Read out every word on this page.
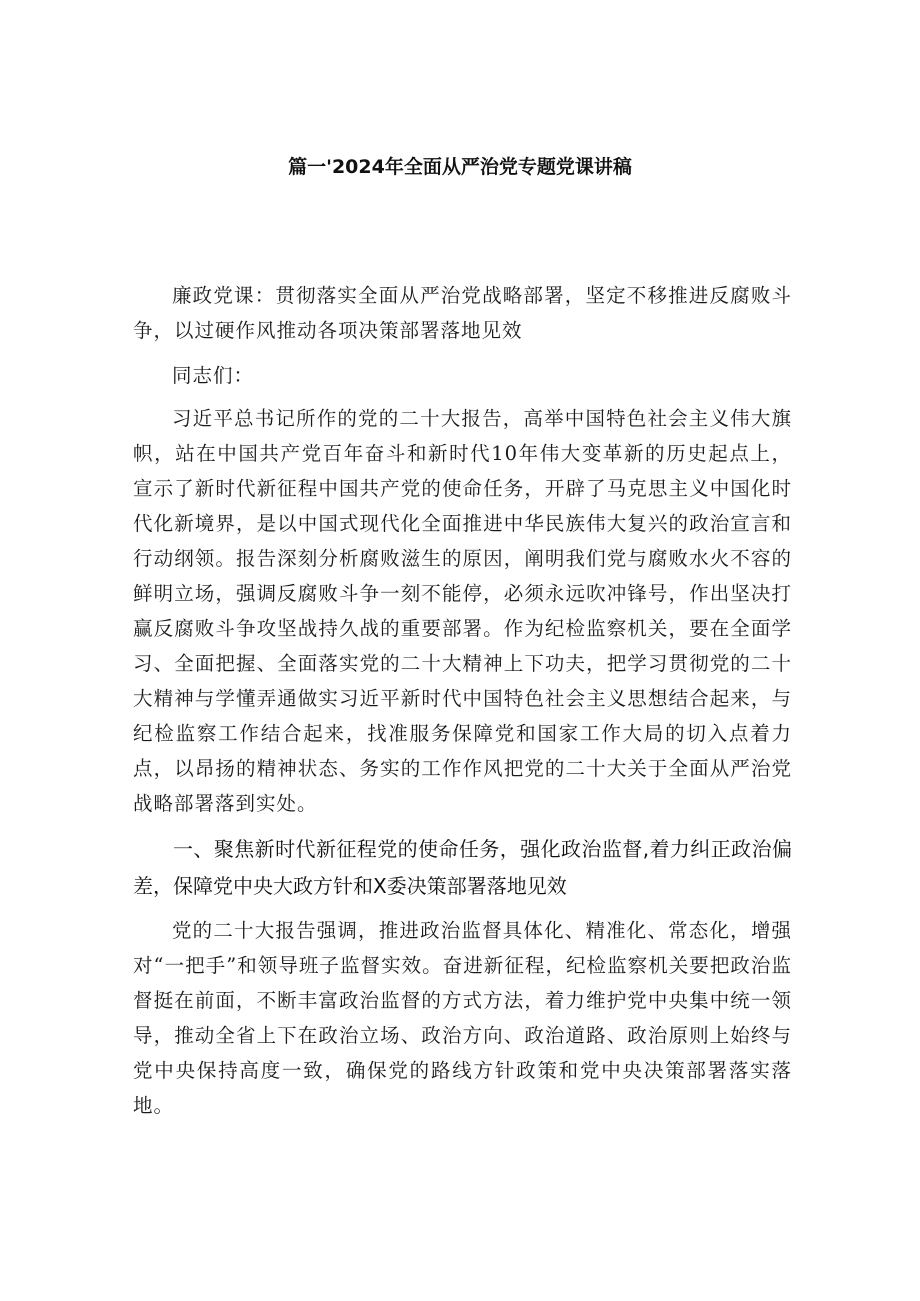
篇一'2024年全面从严治党专题党课讲稿

廉政党课：贯彻落实全面从严治党战略部署，坚定不移推进反腐败斗争，以过硬作风推动各项决策部署落地见效

同志们：

习近平总书记所作的党的二十大报告，高举中国特色社会主义伟大旗帜，站在中国共产党百年奋斗和新时代10年伟大变革新的历史起点上，宣示了新时代新征程中国共产党的使命任务，开辟了马克思主义中国化时代化新境界，是以中国式现代化全面推进中华民族伟大复兴的政治宣言和行动纲领。报告深刻分析腐败滋生的原因，阐明我们党与腐败水火不容的鲜明立场，强调反腐败斗争一刻不能停，必须永远吹冲锋号，作出坚决打赢反腐败斗争攻坚战持久战的重要部署。作为纪检监察机关，要在全面学习、全面把握、全面落实党的二十大精神上下功夫，把学习贯彻党的二十大精神与学懂弄通做实习近平新时代中国特色社会主义思想结合起来，与纪检监察工作结合起来，找准服务保障党和国家工作大局的切入点着力点，以昂扬的精神状态、务实的工作作风把党的二十大关于全面从严治党战略部署落到实处。

一、聚焦新时代新征程党的使命任务，强化政治监督,着力纠正政治偏差，保障党中央大政方针和X委决策部署落地见效

党的二十大报告强调，推进政治监督具体化、精准化、常态化，增强对“一把手”和领导班子监督实效。奋进新征程，纪检监察机关要把政治监督挺在前面，不断丰富政治监督的方式方法，着力维护党中央集中统一领导，推动全省上下在政治立场、政治方向、政治道路、政治原则上始终与党中央保持高度一致，确保党的路线方针政策和党中央决策部署落实落地。
